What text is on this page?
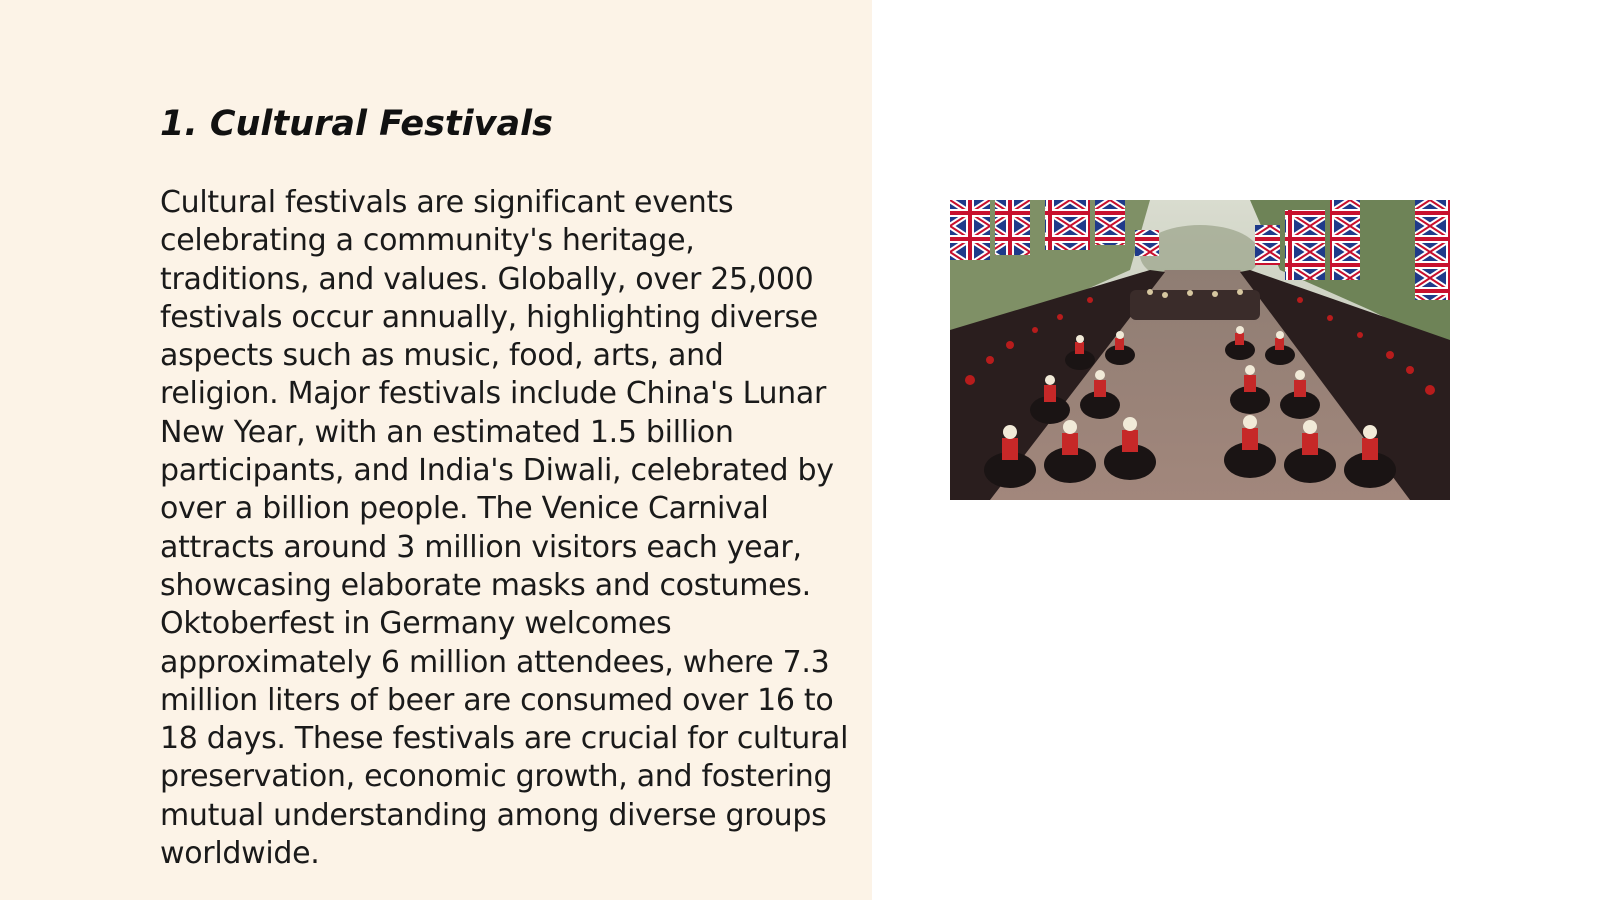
1. Cultural Festivals

Cultural festivals are significant events celebrating a community's heritage, traditions, and values. Globally, over 25,000 festivals occur annually, highlighting diverse aspects such as music, food, arts, and religion. Major festivals include China's Lunar New Year, with an estimated 1.5 billion participants, and India's Diwali, celebrated by over a billion people. The Venice Carnival attracts around 3 million visitors each year, showcasing elaborate masks and costumes. Oktoberfest in Germany welcomes approximately 6 million attendees, where 7.3 million liters of beer are consumed over 16 to 18 days. These festivals are crucial for cultural preservation, economic growth, and fostering mutual understanding among diverse groups worldwide.
